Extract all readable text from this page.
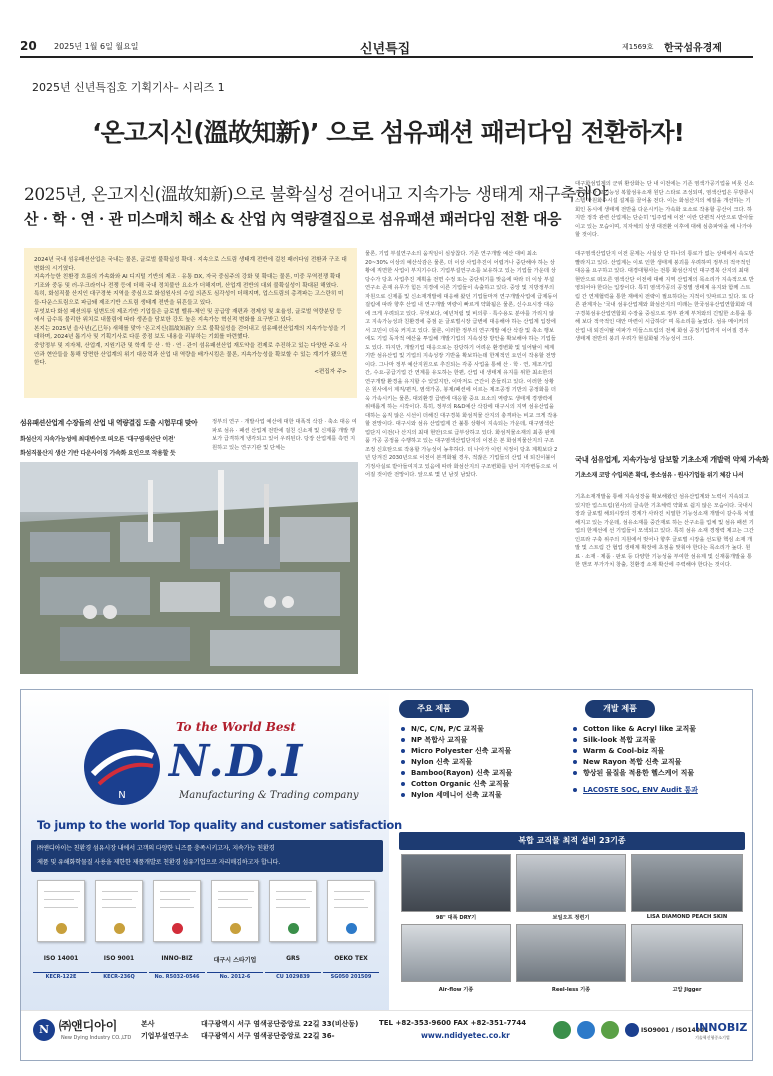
20 2025년 1월 6일 월요일	신년특집	제1569호 한국섬유경제
2025년 신년특집호 기획기사– 시리즈 1
‘온고지신(溫故知新)’ 으로 섬유패션 패러다임 전환하자!
2025년, 온고지신(溫故知新)으로 불확실성 걷어내고 지속가능 생태계 재구축해야
산 · 학 · 연 · 관 미스매치 해소 & 산업 內 역량결집으로 섬유패션 패러다임 전환 대응
대구화섬업계의 군위 환상화는 단 내 이전에는 기존 염색가공기업을 비롯 신소재 고부가 고기능성 복합섬유소재 원단 스타로 조성되며, 염색산업은 무방류시스템 자원화수시설 설계를 끌어올 전다. 이는 화섬산지의 체질을 개선하는 기회인 동시에 생태계 전반을 다운시키는 가속화 요소로 작용할 공산이 크다. 하지만 정작 관련 산업계는 단순히 '입주업체 이전' 이란 단편적 사안으로 받아들이고 있는 모습이며, 지자체의 상생 대전환 이후에 대해 심층파악을 해 나가야 할 것이다.
2024년 국내 섬유패션산업은 국내는 물론, 글로벌 불확실성 확대 · 지속으로 스트림 생태계 전반에 걸친 패러다임 전환과 구조 대변화의 시기였다.
지속가능한 친환경 흐름의 가속화와 AI 디지털 기반의 제조 · 유통 DX, 자국 중심주의 강화 및 확대는 물론, 미중 무역전쟁 확대 기조와 중동 및 러-우크라이나 전쟁 등에 더해 국내 정치불안 요소가 더해지며, 산업계 전반의 대외 불확실성이 확대된 해였다.
특히, 화섬직물 산지인 대구경북 지역을 중심으로 화섬원사의 수입 의존도 심각성이 더해지며, 업스트림의 총격파는 고스란히 미들-다운스트림으로 파급돼 제조기반 스트림 생태계 전반을 뒤흔들고 있다.
무엇보다 화섬 패션의류 일변도의 제조기반 기업들은 글로벌 벨류-체인 및 공급망 재편과 경제성 및 효율성, 글로벌 역량분담 등에서 급수록 불리한 위치로 내몰림에 따라 생존을 담보한 강도 높은 지속가능 혁신적 변화를 요구받고 있다.
본지는 2025년 을사년(乙巳年) 새해를 맞아 '온고지신(溫故知新)' 으로 불확실성을 걷어내고 섬유패션산업계의 지속가능성을 기대하며, 2024년 톱기사 및 기획기사로 다룬 중점 보도 내용을 리뷰하는 기회를 마련했다.
중앙정부 및 지자체, 산업계, 지원기관 및 학계 등 산 · 학 · 연 · 관이 섬유패션산업 재도약을 전제로 추진하고 있는 다양한 주요 사안과 현안들을 통해 당면한 산업계의 위기 대응력과 산업 내 역량을 배가시킴은 물론, 지속가능성을 확보할 수 있는 계기가 됐으면 한다.
<편집자 주>
물론, 기업 부설연구소의 움직임이 심상찮다. 기존 연구개발 예산 대비 최소 20~30% 이상의 예산삭감은 물론, 더 이상 사업추진이 어렵거나 중단해야 하는 상황에 직면한 사업이 부지기수다. 기업부설연구소를 보유하고 있는 기업들 가운데 상당수가 당초 사업추진 계획을 전면 수정 또는 중단위기를 맞음에 따라 더 이상 부설연구소 존재 유무가 힘든 지경에 이른 기업들이 속출하고 있다. 중앙 및 지방정부의 자원으로 신제품 및 신소재개발에 대응해 왔던 기업들마저 연구개발사업에 급제동이 걸림에 따라 향후 산업 내 연구개발 역량이 빠르게 약화됨은 물론, 신수요시장 대응에 크게 우려되고 있다. 무엇보다, 예년처럼 및 비의류 · 특수용도 분야를 가리지 않고 지속가능성과 친환경에 중점 둔 글로벌시장 급변에 대응해야 하는 산업계 입장에서 고민이 더욱 커지고 있다. 물론, 이러한 정부의 연구개발 예산 삭감 및 축소 행보에도 기업 독자적 예산을 투입해 개발기업의 지속성장 방안을 확보해야 하는 기업들도 있다. 하지만, 개발기업 대응으로는 감당하기 어려운 환경변화 및 일어탈이 체계기반 섬유산업 및 기업의 지속성장 기반을 확보하는데 한계적인 요인이 작용할 전망이다. 그나마 정부 예산지원으로 추진되는 각종 사업을 통해 산 · 학 · 연, 제조기업 간, 수요-공급기업 간 연계를 유도하는 한편, 산업 내 생태계 유지를 위한 최소한의 연구개발 환경을 유지할 수 있었지만, 이마저도 근간이 흔들리고 있다. 이러한 상황은 원사에서 제직/편직, 염색가공, 봉제/패션에 이르는 제조공정 기반의 공정화를 더욱 가속시키는 물론, 대외환경 급변에 대응할 중요 요소의 역량도 생태계 경쟁력에 위태롭게 하는 시작이다. 특히, 정부의 R&D예산 삭감에 대구시의 지역 섬유산업을 대하는 움직 않은 시선이 더해진 대구경북 화섬직물 산지의 충격파는 비교 크게 작용할 전망이다. 대구시와 섬유 산업업계 간 불통 상황이 지속되는 가운데, 대구염색산업단지 이전(나 산지의 최대 현안)으로 급부상하고 있다. 화섬직물소재의 최종 완제품 가공 공정을 수행하고 있는 대구염색산업단지의 이전은 본 화섬직물산지의 구조조정 신호탄으로 작용할 가능성이 농후하다. 더 나아가 이런 식정이 당초 계획보다 2년 당겨진 2030년으로 이전이 본격화될 경우, 적잖은 기업들의 산업 내 퇴진이불이 기정사실로 받아들여지고 있음에 따라 화섬산지의 구조변화를 넘어 지각변동으로 이어질 것이란 전망이다. 앞으로 몇 년 남짓 남았다.
대구염색산업단지 이전 문제는 사실상 단 하나의 통로가 없는 상태에서 속도만 빨라지고 있다. 산업계는 이로 인한 생태계 붕괴를 우려하며 정부의 적극적인 대응을 요구하고 있다. 대경대형사는 전통 화섬산지인 대구경북 산지의 최대 현안으로 떠오른 염색산단 이전에 대해 지역 산업계의 목소리가 지속적으로 반영되어야 한다는 입장이다. 특히 염색가공의 공정별 생태계 유지와 함께 스트림 간 연계협력을 통한 재배치 전략이 필요하다는 지적이 잇따르고 있다. 또 다른 관계자는 '국내 섬유산업계와 화섬산지의 미래는 한국섬유산업연합회와 대구경북섬유산업연합회 수장을 중심으로 정부 관계 부처와의 긴밀한 소통을 통해 보다 적극적인 대안 마련이 시급하다' 며 목소리를 높였다. 섬유 메이커의 산업 내 퇴진이탈 여파가 미들스트림의 전체 화섬 공정기업까지 이어질 경우 생태계 전반의 붕괴 우려가 현실화될 가능성이 크다.
섬유패션산업계 수장들의 산업 내 역량결집 도출 시험무대 맞아
화섬산지 지속가능성에 최대변수로 떠오른 '대구염색산단 이전'
화섬직물산지 생산 기반 다운사이징 가속화 요인으로 작용할 듯
정부의 연구 · 개발사업 예산에 대한 대폭적 삭감 · 축소 대응 여파로 섬유 · 패션 산업계 전반에 걸친 신소재 및 신제품 개발 행보가 급격하게 냉각되고 있어 우려된다. 당장 산업계를 측면 지원하고 있는 연구기관 및 단체는
국내 섬유업계, 지속가능성 담보할 기초소재 개발력 약체 가속화
기초소재 코망 수입의존 확대, 중소섬유 · 원사기업들 위기 체감 나서
기초소재개발을 통해 지속성장을 확보해왔던 섬유산업계와 노력이 지속되고 있지만 업스트림(원사)의 글속한 기초체력 약화로 쉽지 않은 모습이다. 국내시장과 글로벌 해외시장의 경계가 사라진 치열한 기능성소재 개발이 갈수록 치열해지고 있는 가운데, 섬유소재를 중간재로 하는 산구소를 업체 및 섬유 패션 기업의 한계선에 선 기업들이 모색되고 있다. 특히 섬유 소재 경쟁력 제고는 그간 인프라 구축 위주의 지원에서 벗어나 향후 글로벌 시장을 선도할 핵심 소재 개발 및 스트림 간 협업 생태계 확장에 초점을 맞춰야 한다는 목소리가 높다. 원료 · 소재 · 제품 · 판로 등 다양한 기능성을 부여한 섬유제 및 신재품개발을 통한 맨코 부가가치 창출, 친환경 소재 확산에 주력해야 한다는 것이다.
N
To the World Best
N.D.I
Manufacturing & Trading company
To jump to the world Top quality and customer satisfaction
㈜앤디아이는 친환경 섬유시장 내에서 고객의 다양한 니즈를 충족시키고자, 지속가능 친환경
제품 및 유해화학물질 사용을 제한한 제품개발로 친환경 섬유기업으로 자리매김하고자 합니다.
ISO 14001	ISO 9001	INNO-BIZ	대구시 스타기업	GRS	OEKO TEX
KECR-122E	KECR-236Q	No. R5032-0546	No. 2012-6	CU 1029839	SG050 201509
주요 제품	개발 제품
N/C, C/N, P/C 교직물
NP 복합사 교직물
Micro Polyester 신축 교직물
Nylon 신축 교직물
Bamboo(Rayon) 신축 교직물
Cotton Organic 신축 교직물
Nylon 세메니어 신축 교직물
Cotton like & Acryl like 교직물
Silk-look 복합 교직물
Warm & Cool-biz 직물
New Rayon 복합 신축 교직물
향상된 물질을 적용한 헬스케어 직물
LACOSTE SOC, ENV Audit 통과
복합 교직물 최적 설비 23기종
98" 대폭 DRY기	보일오프 정련기	LISA DIAMOND PEACH SKIN
Air-flow 기종	Reel-less 기종	고압 Jigger
N ㈜앤디아이
New Dying Industry CO.,LTD
본사	대구광역시 서구 염색공단중앙로 22길 33(비산동)
기업부설연구소 대구광역시 서구 염색공단중앙로 22길 36-
TEL +82-353-9600 FAX +82-351-7744
www.ndidyetec.co.kr
ISO9001 / ISO14001
INNOBIZ
기술혁신형중소기업
